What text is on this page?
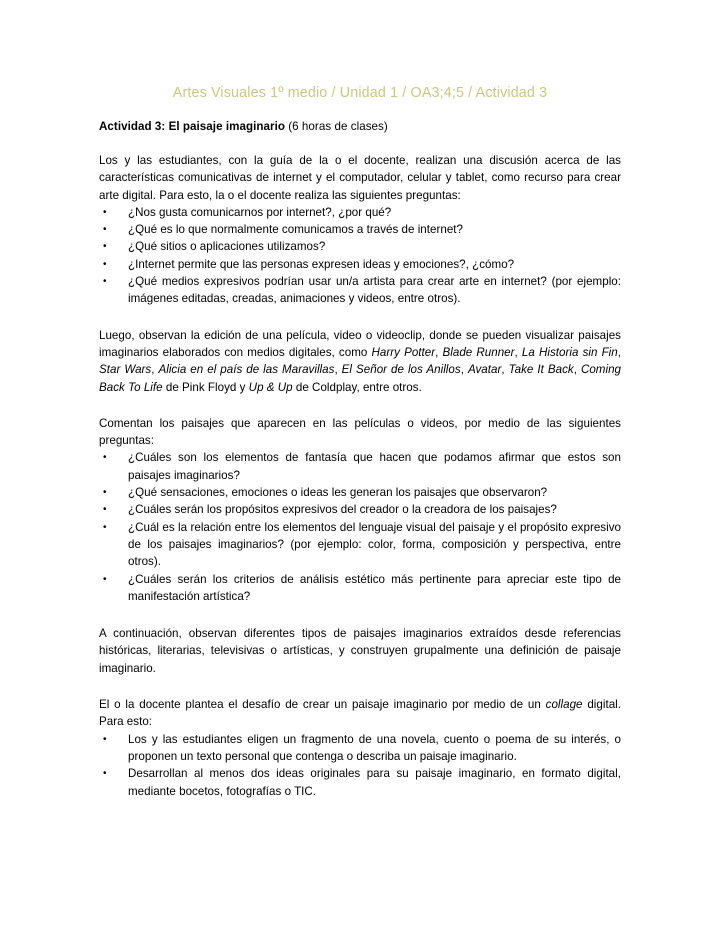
Artes Visuales 1º medio / Unidad 1 / OA3;4;5 / Actividad 3
Actividad 3: El paisaje imaginario (6 horas de clases)

Los y las estudiantes, con la guía de la o el docente, realizan una discusión acerca de las características comunicativas de internet y el computador, celular y tablet, como recurso para crear arte digital. Para esto, la o el docente realiza las siguientes preguntas:

• ¿Nos gusta comunicarnos por internet?, ¿por qué?
• ¿Qué es lo que normalmente comunicamos a través de internet?
• ¿Qué sitios o aplicaciones utilizamos?
• ¿Internet permite que las personas expresen ideas y emociones?, ¿cómo?
• ¿Qué medios expresivos podrían usar un/a artista para crear arte en internet? (por ejemplo: imágenes editadas, creadas, animaciones y videos, entre otros).

Luego, observan la edición de una película, video o videoclip, donde se pueden visualizar paisajes imaginarios elaborados con medios digitales, como Harry Potter, Blade Runner, La Historia sin Fin, Star Wars, Alicia en el país de las Maravillas, El Señor de los Anillos, Avatar, Take It Back, Coming Back To Life de Pink Floyd y Up & Up de Coldplay, entre otros.

Comentan los paisajes que aparecen en las películas o videos, por medio de las siguientes preguntas:

• ¿Cuáles son los elementos de fantasía que hacen que podamos afirmar que estos son paisajes imaginarios?
• ¿Qué sensaciones, emociones o ideas les generan los paisajes que observaron?
• ¿Cuáles serán los propósitos expresivos del creador o la creadora de los paisajes?
• ¿Cuál es la relación entre los elementos del lenguaje visual del paisaje y el propósito expresivo de los paisajes imaginarios? (por ejemplo: color, forma, composición y perspectiva, entre otros).
• ¿Cuáles serán los criterios de análisis estético más pertinente para apreciar este tipo de manifestación artística?

A continuación, observan diferentes tipos de paisajes imaginarios extraídos desde referencias históricas, literarias, televisivas o artísticas, y construyen grupalmente una definición de paisaje imaginario.

El o la docente plantea el desafío de crear un paisaje imaginario por medio de un collage digital. Para esto:

• Los y las estudiantes eligen un fragmento de una novela, cuento o poema de su interés, o proponen un texto personal que contenga o describa un paisaje imaginario.
• Desarrollan al menos dos ideas originales para su paisaje imaginario, en formato digital, mediante bocetos, fotografías o TIC.
